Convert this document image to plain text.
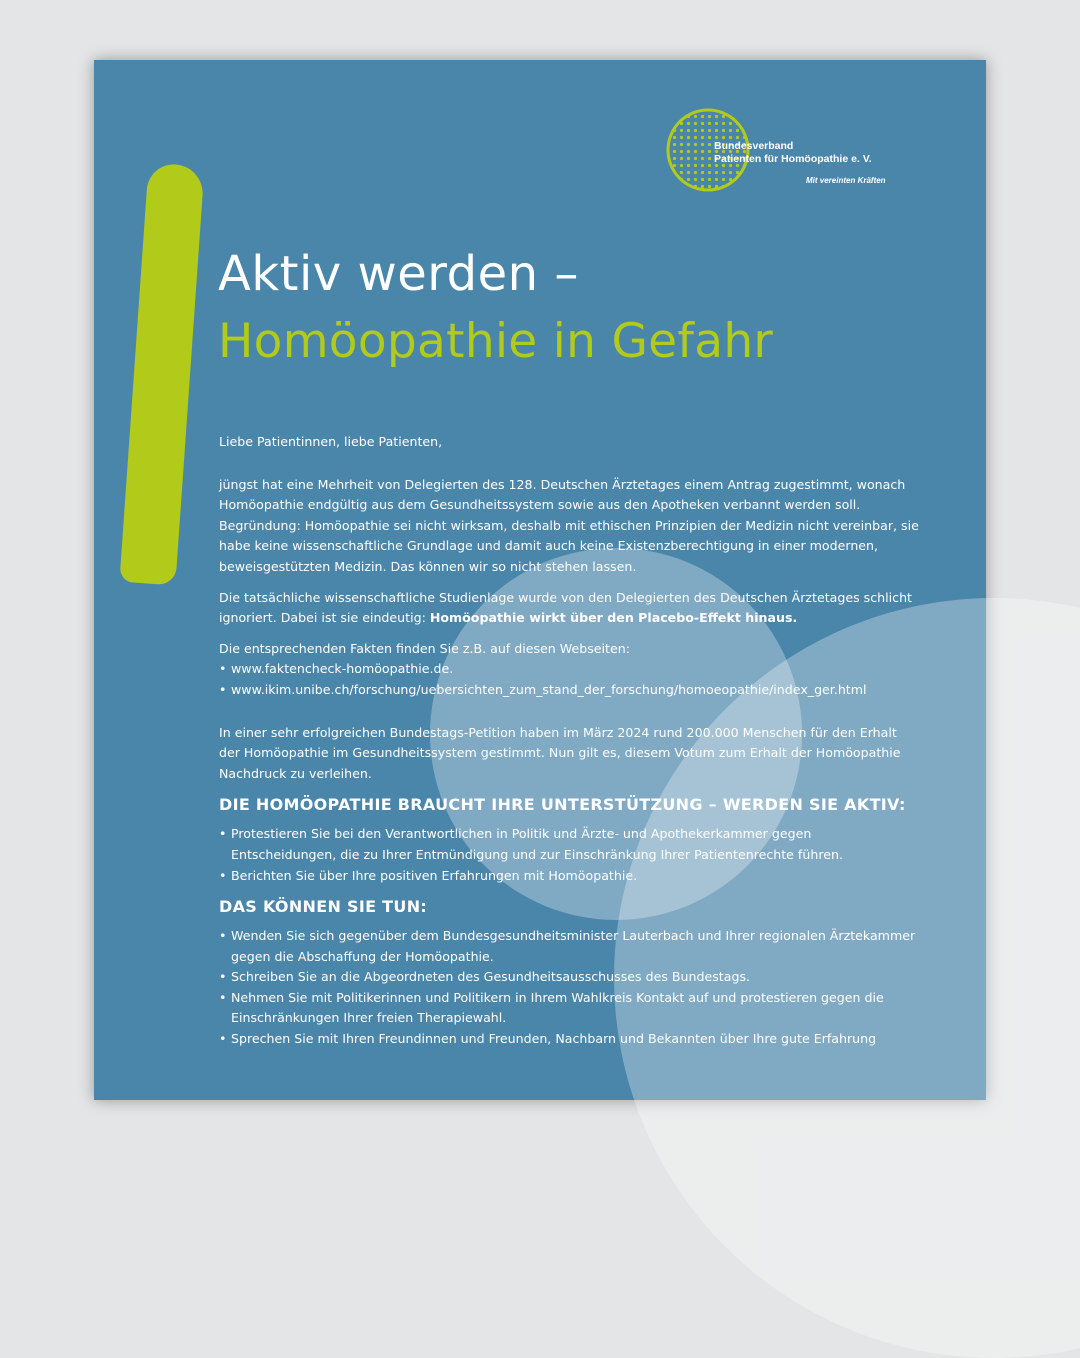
Bundesverband
Patienten für Homöopathie e. V.
Mit vereinten Kräften
Aktiv werden –
Homöopathie in Gefahr

Liebe Patientinnen, liebe Patienten,

jüngst hat eine Mehrheit von Delegierten des 128. Deutschen Ärztetages einem Antrag zugestimmt, wonach Homöopathie endgültig aus dem Gesundheitssystem sowie aus den Apotheken verbannt werden soll. Begründung: Homöopathie sei nicht wirksam, deshalb mit ethischen Prinzipien der Medizin nicht vereinbar, sie habe keine wissenschaftliche Grundlage und damit auch keine Existenzberechtigung in einer modernen, beweisgestützten Medizin. Das können wir so nicht stehen lassen.

Die tatsächliche wissenschaftliche Studienlage wurde von den Delegierten des Deutschen Ärztetages schlicht ignoriert. Dabei ist sie eindeutig: Homöopathie wirkt über den Placebo-Effekt hinaus.

Die entsprechenden Fakten finden Sie z.B. auf diesen Webseiten:

• www.faktencheck-homöopathie.de.
• www.ikim.unibe.ch/forschung/uebersichten_zum_stand_der_forschung/homoeopathie/index_ger.html

In einer sehr erfolgreichen Bundestags-Petition haben im März 2024 rund 200.000 Menschen für den Erhalt der Homöopathie im Gesundheitssystem gestimmt. Nun gilt es, diesem Votum zum Erhalt der Homöopathie Nachdruck zu verleihen.

DIE HOMÖOPATHIE BRAUCHT IHRE UNTERSTÜTZUNG – WERDEN SIE AKTIV:
• Protestieren Sie bei den Verantwortlichen in Politik und Ärzte- und Apothekerkammer gegen Entscheidungen, die zu Ihrer Entmündigung und zur Einschränkung Ihrer Patientenrechte führen.
• Berichten Sie über Ihre positiven Erfahrungen mit Homöopathie.
DAS KÖNNEN SIE TUN:
• Wenden Sie sich gegenüber dem Bundesgesundheitsminister Lauterbach und Ihrer regionalen Ärztekammer gegen die Abschaffung der Homöopathie.
• Schreiben Sie an die Abgeordneten des Gesundheitsausschusses des Bundestags.
• Nehmen Sie mit Politikerinnen und Politikern in Ihrem Wahlkreis Kontakt auf und protestieren gegen die Einschränkungen Ihrer freien Therapiewahl.
• Sprechen Sie mit Ihren Freundinnen und Freunden, Nachbarn und Bekannten über Ihre gute Erfahrung
